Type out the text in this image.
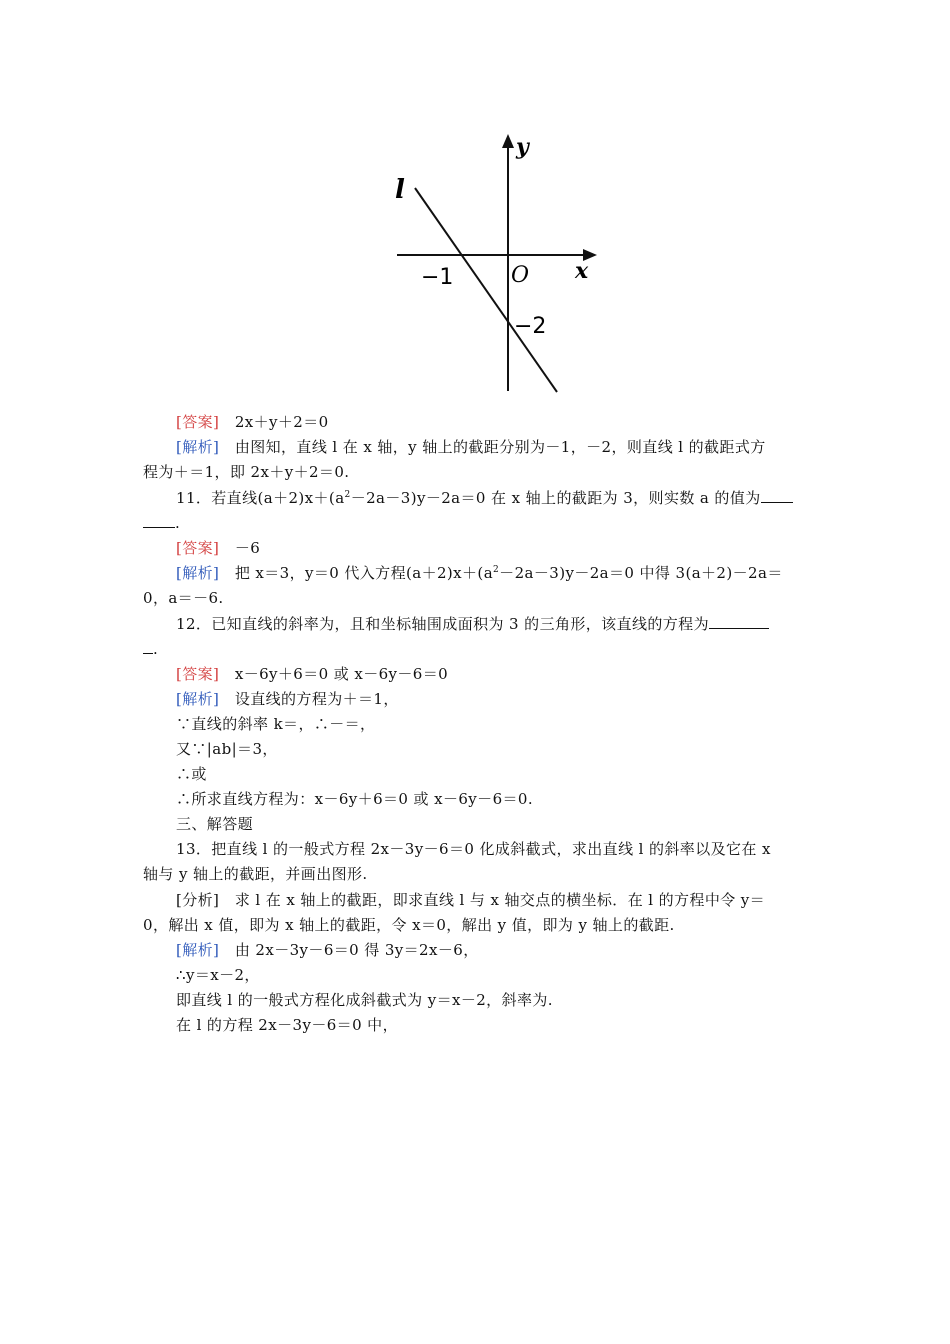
y
x
l
O
−1
−2
[答案] 2x＋y＋2＝0
[解析] 由图知，直线 l 在 x 轴，y 轴上的截距分别为－1，－2，则直线 l 的截距式方
程为＋＝1，即 2x＋y＋2＝0.
11．若直线$(a+2)x+(a^2-2a-3)y-2a=0$ 在 x 轴上的截距为 3，则实数 a 的值为
.
[答案] －6
[解析] 把 x＝3，y＝0 代入方程$(a+2)x+(a^2-2a-3)y-2a=0$ 中得 3(a＋2)－2a＝
0，a＝－6.
12．已知直线的斜率为，且和坐标轴围成面积为 3 的三角形，该直线的方程为
.
[答案] x－6y＋6＝0 或 x－6y－6＝0
[解析] 设直线的方程为＋＝1，
∵直线的斜率 k＝，∴－＝，
又∵|ab|＝3，
∴或
∴所求直线方程为：x－6y＋6＝0 或 x－6y－6＝0.
三、解答题
13．把直线 l 的一般式方程 2x－3y－6＝0 化成斜截式，求出直线 l 的斜率以及它在 x
轴与 y 轴上的截距，并画出图形.
[分析] 求 l 在 x 轴上的截距，即求直线 l 与 x 轴交点的横坐标．在 l 的方程中令 y＝
0，解出 x 值，即为 x 轴上的截距，令 x＝0，解出 y 值，即为 y 轴上的截距.
[解析] 由 2x－3y－6＝0 得 3y＝2x－6，
∴y＝x－2，
即直线 l 的一般式方程化成斜截式为 y＝x－2，斜率为.
在 l 的方程 2x－3y－6＝0 中，
